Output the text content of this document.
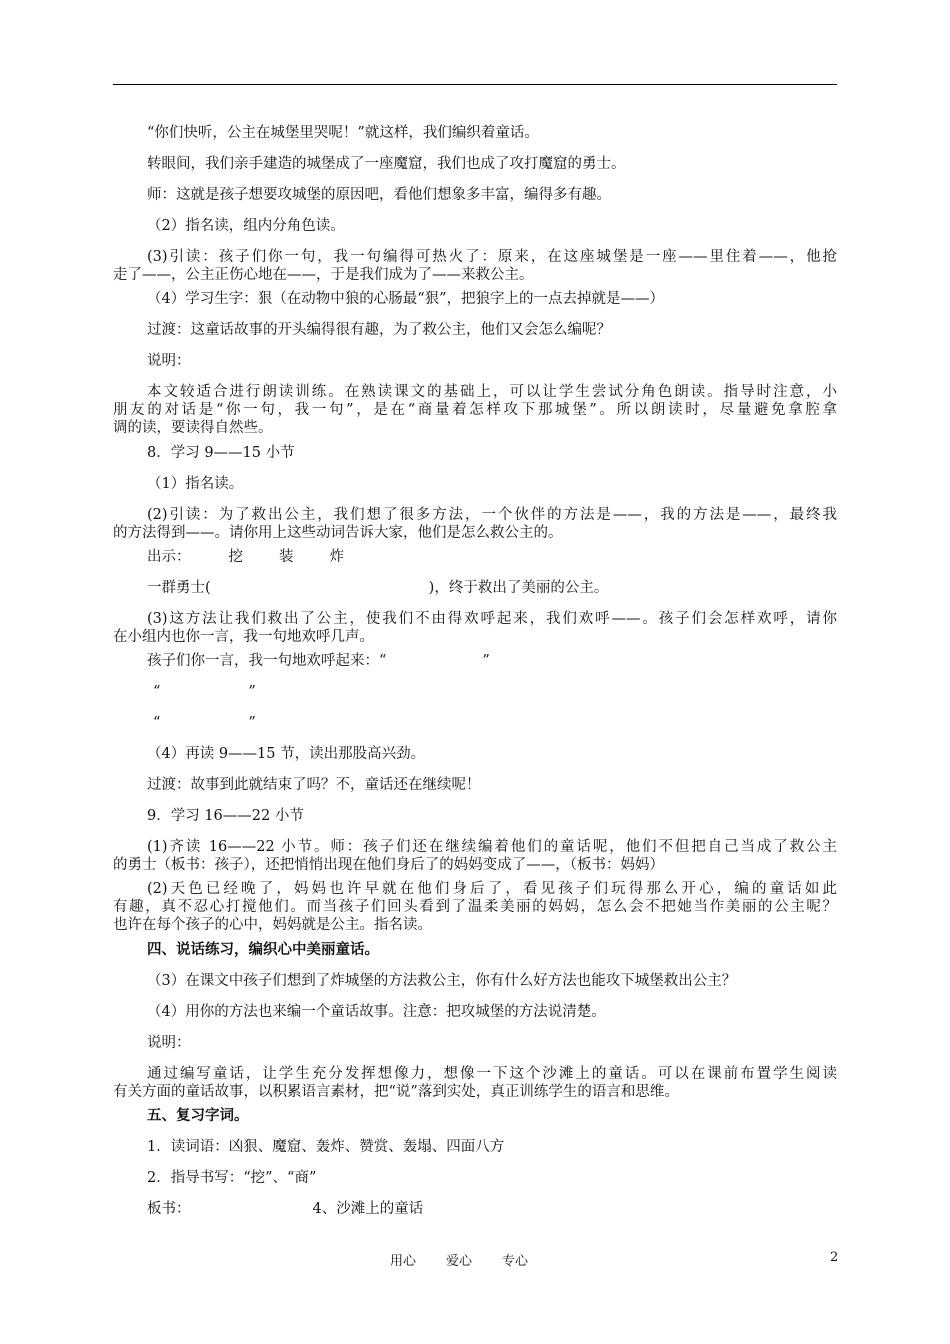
“你们快听，公主在城堡里哭呢！”就这样，我们编织着童话。
转眼间，我们亲手建造的城堡成了一座魔窟，我们也成了攻打魔窟的勇士。
师：这就是孩子想要攻城堡的原因吧，看他们想象多丰富，编得多有趣。
（2）指名读，组内分角色读。
(3)引读：孩子们你一句，我一句编得可热火了：原来，在这座城堡是一座——里住着——，他抢
走了——，公主正伤心地在——，于是我们成为了——来救公主。
（4）学习生字：狠（在动物中狼的心肠最“狠”，把狼字上的一点去掉就是——）
过渡：这童话故事的开头编得很有趣，为了救公主，他们又会怎么编呢？
说明：
本文较适合进行朗读训练。在熟读课文的基础上，可以让学生尝试分角色朗读。指导时注意，小
朋友的对话是“你一句，我一句”，是在“商量着怎样攻下那城堡”。所以朗读时，尽量避免拿腔拿
调的读，要读得自然些。
8．学习 9——15 小节
（1）指名读。
(2)引读：为了救出公主，我们想了很多方法，一个伙伴的方法是——，我的方法是——，最终我
的方法得到——。请你用上这些动词告诉大家，他们是怎么救公主的。
出示：	挖 装 炸
一群勇士(	)，终于救出了美丽的公主。
(3)这方法让我们救出了公主，使我们不由得欢呼起来，我们欢呼——。孩子们会怎样欢呼，请你
在小组内也你一言，我一句地欢呼几声。
孩子们你一言，我一句地欢呼起来：“	”
“	”
“	”
（4）再读 9——15 节，读出那股高兴劲。
过渡：故事到此就结束了吗？不，童话还在继续呢！
9．学习 16——22 小节
(1)齐读 16——22 小节。师：孩子们还在继续编着他们的童话呢，他们不但把自己当成了救公主
的勇士（板书：孩子），还把悄悄出现在他们身后了的妈妈变成了——，（板书：妈妈）
(2)天色已经晚了，妈妈也许早就在他们身后了，看见孩子们玩得那么开心，编的童话如此
有趣，真不忍心打搅他们。而当孩子们回头看到了温柔美丽的妈妈，怎么会不把她当作美丽的公主呢？
也许在每个孩子的心中，妈妈就是公主。指名读。
四、说话练习，编织心中美丽童话。
（3）在课文中孩子们想到了炸城堡的方法救公主，你有什么好方法也能攻下城堡救出公主？
（4）用你的方法也来编一个童话故事。注意：把攻城堡的方法说清楚。
说明：
通过编写童话，让学生充分发挥想像力，想像一下这个沙滩上的童话。可以在课前布置学生阅读
有关方面的童话故事，以积累语言素材，把“说”落到实处，真正训练学生的语言和思维。
五、复习字词。
1．读词语：凶狠、魔窟、轰炸、赞赏、轰塌、四面八方
2．指导书写：“挖”、“商”
板书：	4、沙滩上的童话
用心 爱心 专心	2
